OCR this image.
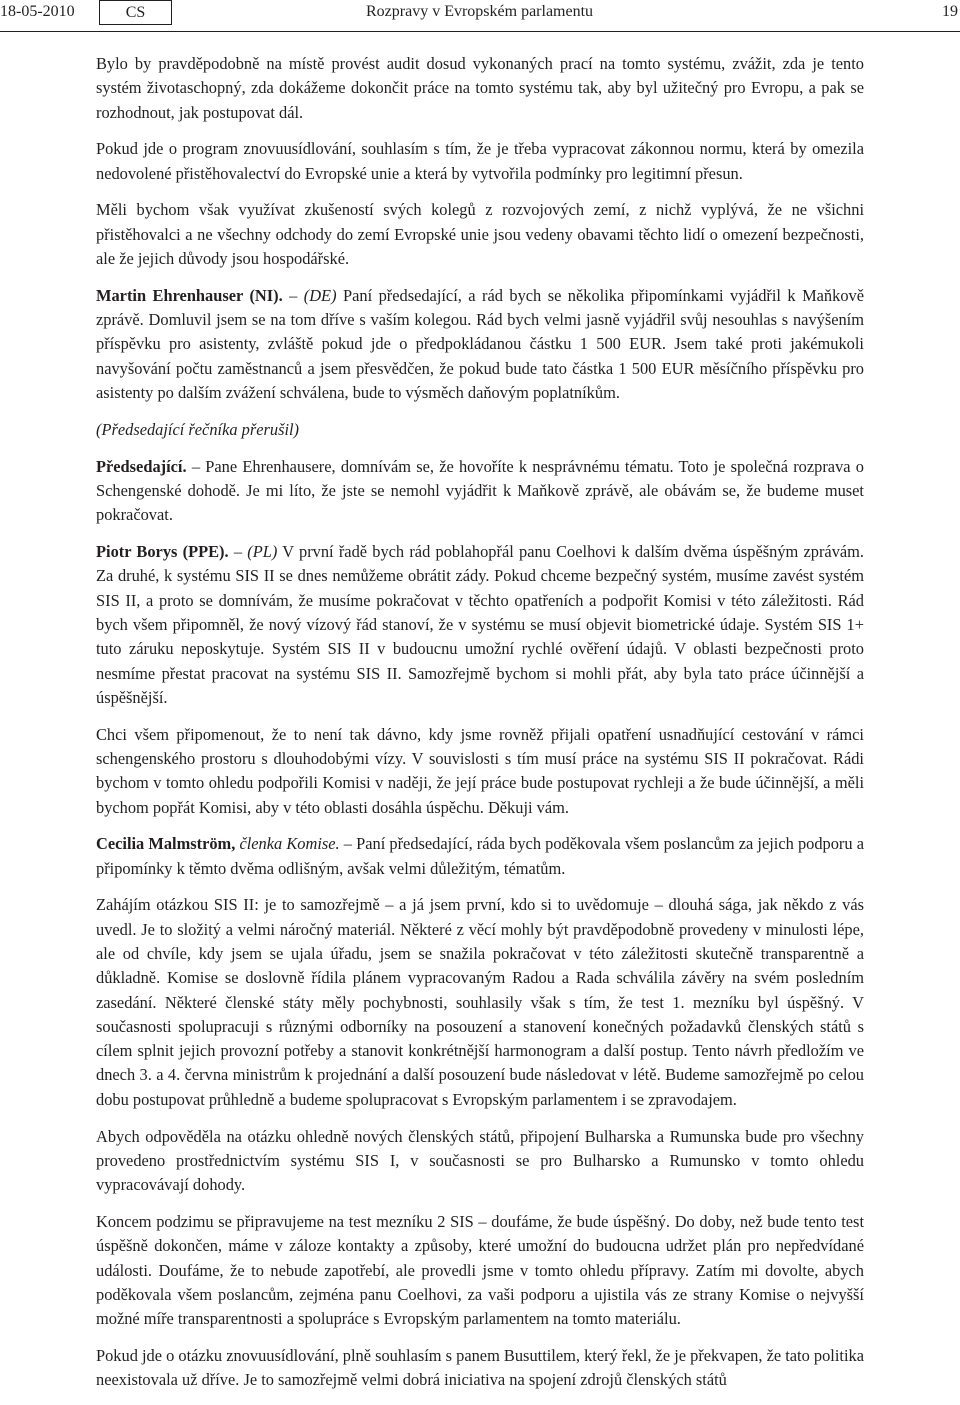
18-05-2010	CS	Rozpravy v Evropském parlamentu	19

Bylo by pravděpodobně na místě provést audit dosud vykonaných prací na tomto systému, zvážit, zda je tento systém životaschopný, zda dokážeme dokončit práce na tomto systému tak, aby byl užitečný pro Evropu, a pak se rozhodnout, jak postupovat dál.

Pokud jde o program znovuusídlování, souhlasím s tím, že je třeba vypracovat zákonnou normu, která by omezila nedovolené přistěhovalectví do Evropské unie a která by vytvořila podmínky pro legitimní přesun.

Měli bychom však využívat zkušeností svých kolegů z rozvojových zemí, z nichž vyplývá, že ne všichni přistěhovalci a ne všechny odchody do zemí Evropské unie jsou vedeny obavami těchto lidí o omezení bezpečnosti, ale že jejich důvody jsou hospodářské.

Martin Ehrenhauser (NI). – (DE) Paní předsedající, a rád bych se několika připomínkami vyjádřil k Maňkově zprávě. Domluvil jsem se na tom dříve s vaším kolegou. Rád bych velmi jasně vyjádřil svůj nesouhlas s navýšením příspěvku pro asistenty, zvláště pokud jde o předpokládanou částku 1 500 EUR. Jsem také proti jakémukoli navyšování počtu zaměstnanců a jsem přesvědčen, že pokud bude tato částka 1 500 EUR měsíčního příspěvku pro asistenty po dalším zvážení schválena, bude to výsměch daňovým poplatníkům.

(Předsedající řečníka přerušil)

Předsedající. – Pane Ehrenhausere, domnívám se, že hovoříte k nesprávnému tématu. Toto je společná rozprava o Schengenské dohodě. Je mi líto, že jste se nemohl vyjádřit k Maňkově zprávě, ale obávám se, že budeme muset pokračovat.

Piotr Borys (PPE). – (PL) V první řadě bych rád poblahopřál panu Coelhovi k dalším dvěma úspěšným zprávám. Za druhé, k systému SIS II se dnes nemůžeme obrátit zády. Pokud chceme bezpečný systém, musíme zavést systém SIS II, a proto se domnívám, že musíme pokračovat v těchto opatřeních a podpořit Komisi v této záležitosti. Rád bych všem připomněl, že nový vízový řád stanoví, že v systému se musí objevit biometrické údaje. Systém SIS 1+ tuto záruku neposkytuje. Systém SIS II v budoucnu umožní rychlé ověření údajů. V oblasti bezpečnosti proto nesmíme přestat pracovat na systému SIS II. Samozřejmě bychom si mohli přát, aby byla tato práce účinnější a úspěšnější.

Chci všem připomenout, že to není tak dávno, kdy jsme rovněž přijali opatření usnadňující cestování v rámci schengenského prostoru s dlouhodobými vízy. V souvislosti s tím musí práce na systému SIS II pokračovat. Rádi bychom v tomto ohledu podpořili Komisi v naději, že její práce bude postupovat rychleji a že bude účinnější, a měli bychom popřát Komisi, aby v této oblasti dosáhla úspěchu. Děkuji vám.

Cecilia Malmström, členka Komise. – Paní předsedající, ráda bych poděkovala všem poslancům za jejich podporu a připomínky k těmto dvěma odlišným, avšak velmi důležitým, tématům.

Zahájím otázkou SIS II: je to samozřejmě – a já jsem první, kdo si to uvědomuje – dlouhá sága, jak někdo z vás uvedl. Je to složitý a velmi náročný materiál. Některé z věcí mohly být pravděpodobně provedeny v minulosti lépe, ale od chvíle, kdy jsem se ujala úřadu, jsem se snažila pokračovat v této záležitosti skutečně transparentně a důkladně. Komise se doslovně řídila plánem vypracovaným Radou a Rada schválila závěry na svém posledním zasedání. Některé členské státy měly pochybnosti, souhlasily však s tím, že test 1. mezníku byl úspěšný. V současnosti spolupracuji s různými odborníky na posouzení a stanovení konečných požadavků členských států s cílem splnit jejich provozní potřeby a stanovit konkrétnější harmonogram a další postup. Tento návrh předložím ve dnech 3. a 4. června ministrům k projednání a další posouzení bude následovat v létě. Budeme samozřejmě po celou dobu postupovat průhledně a budeme spolupracovat s Evropským parlamentem i se zpravodajem.

Abych odpověděla na otázku ohledně nových členských států, připojení Bulharska a Rumunska bude pro všechny provedeno prostřednictvím systému SIS I, v současnosti se pro Bulharsko a Rumunsko v tomto ohledu vypracovávají dohody.

Koncem podzimu se připravujeme na test mezníku 2 SIS – doufáme, že bude úspěšný. Do doby, než bude tento test úspěšně dokončen, máme v záloze kontakty a způsoby, které umožní do budoucna udržet plán pro nepředvídané události. Doufáme, že to nebude zapotřebí, ale provedli jsme v tomto ohledu přípravy. Zatím mi dovolte, abych poděkovala všem poslancům, zejména panu Coelhovi, za vaši podporu a ujistila vás ze strany Komise o nejvyšší možné míře transparentnosti a spolupráce s Evropským parlamentem na tomto materiálu.

Pokud jde o otázku znovuusídlování, plně souhlasím s panem Busuttilem, který řekl, že je překvapen, že tato politika neexistovala už dříve. Je to samozřejmě velmi dobrá iniciativa na spojení zdrojů členských států
